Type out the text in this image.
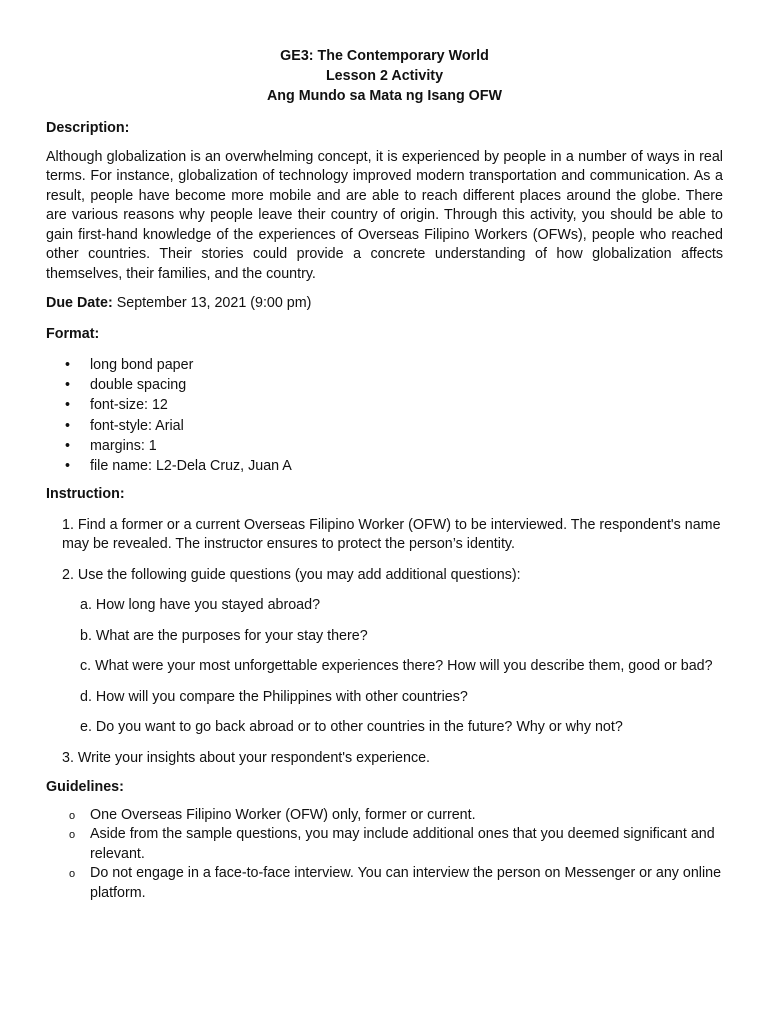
GE3: The Contemporary World
Lesson 2 Activity
Ang Mundo sa Mata ng Isang OFW

Description:

Although globalization is an overwhelming concept, it is experienced by people in a number of ways in real terms. For instance, globalization of technology improved modern transportation and communication. As a result, people have become more mobile and are able to reach different places around the globe. There are various reasons why people leave their country of origin. Through this activity, you should be able to gain first-hand knowledge of the experiences of Overseas Filipino Workers (OFWs), people who reached other countries. Their stories could provide a concrete understanding of how globalization affects themselves, their families, and the country.

Due Date: September 13, 2021 (9:00 pm)

Format:

• long bond paper
• double spacing
• font-size: 12
• font-style: Arial
• margins: 1
• file name: L2-Dela Cruz, Juan A

Instruction:

1. Find a former or a current Overseas Filipino Worker (OFW) to be interviewed. The respondent's name may be revealed. The instructor ensures to protect the person’s identity.

2. Use the following guide questions (you may add additional questions):

a. How long have you stayed abroad?

b. What are the purposes for your stay there?

c. What were your most unforgettable experiences there? How will you describe them, good or bad?

d. How will you compare the Philippines with other countries?

e. Do you want to go back abroad or to other countries in the future? Why or why not?

3. Write your insights about your respondent's experience.

Guidelines:

o One Overseas Filipino Worker (OFW) only, former or current.
o Aside from the sample questions, you may include additional ones that you deemed significant and relevant.
o Do not engage in a face-to-face interview. You can interview the person on Messenger or any online platform.
